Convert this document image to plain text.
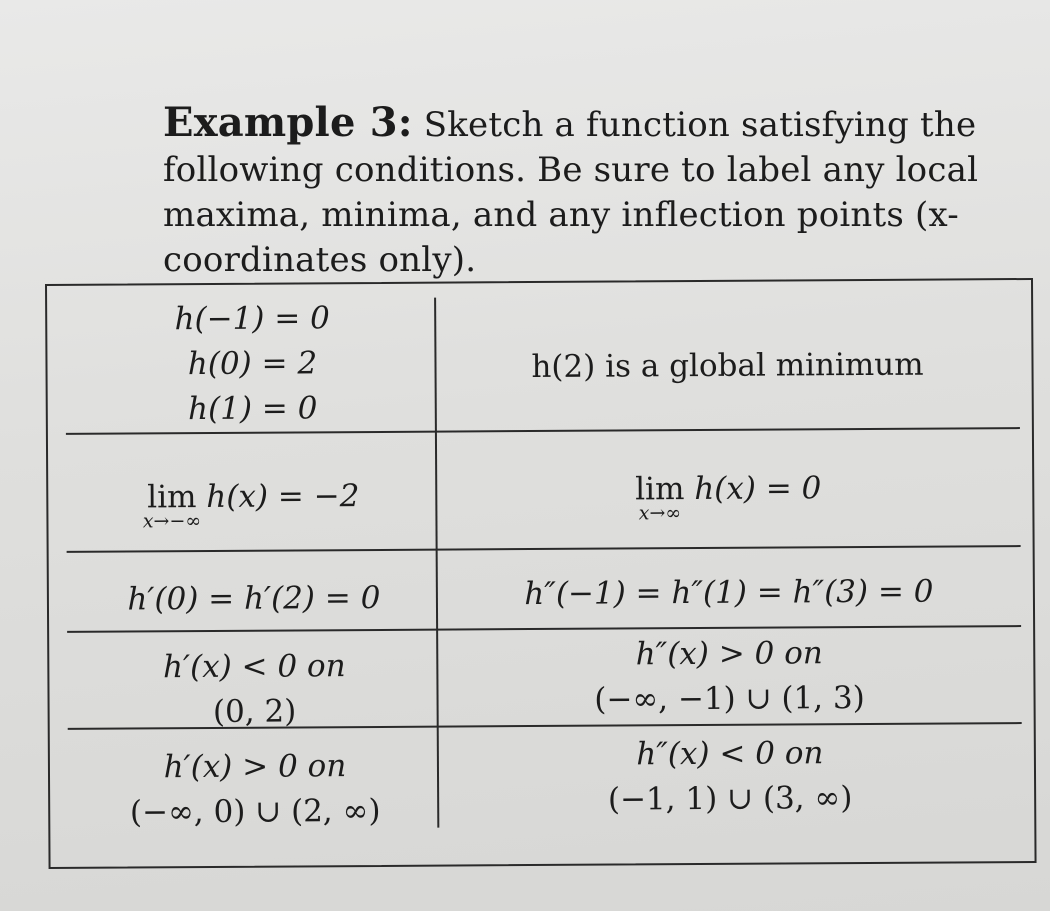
Example 3: Sketch a function satisfying the following conditions. Be sure to label any local maxima, minima, and any inflection points (x-coordinates only).
h(−1) = 0
h(0) = 2
h(1) = 0
h(2) is a global minimum
lim
x→−∞
h(x) = −2	lim
x→∞
h(x) = 0
h′(0) = h′(2) = 0	h″(−1) = h″(1) = h″(3) = 0
h′(x) < 0 on
(0, 2)
h″(x) > 0 on
(−∞, −1) ∪ (1, 3)
h′(x) > 0 on
(−∞, 0) ∪ (2, ∞)
h″(x) < 0 on
(−1, 1) ∪ (3, ∞)
